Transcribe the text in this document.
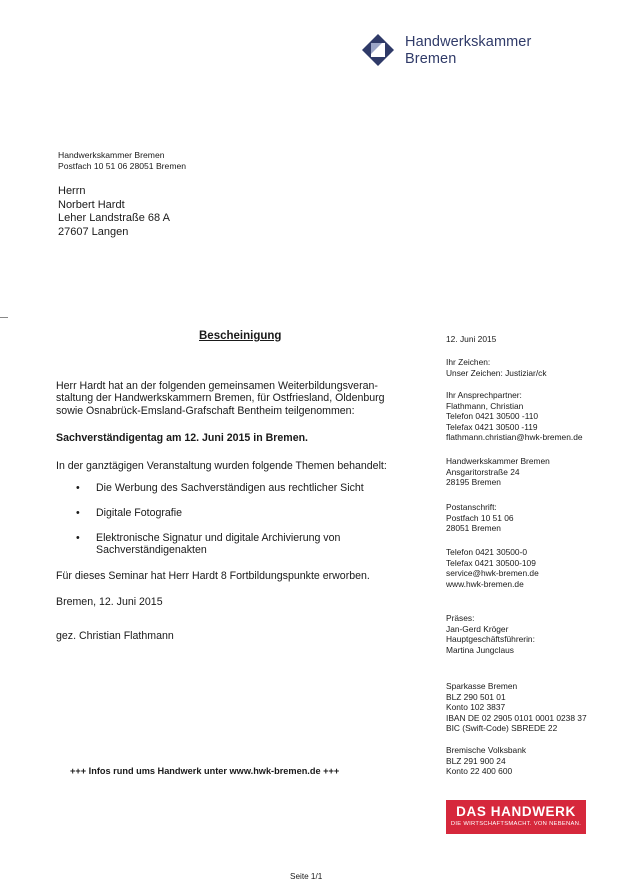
Handwerkskammer
Bremen
Handwerkskammer Bremen
Postfach 10 51 06 28051 Bremen
Herrn
Norbert Hardt
Leher Landstraße 68 A
27607 Langen
Bescheinigung
Herr Hardt hat an der folgenden gemeinsamen Weiterbildungsveran-
staltung der Handwerkskammern Bremen, für Ostfriesland, Oldenburg
sowie Osnabrück-Emsland-Grafschaft Bentheim teilgenommen:
Sachverständigentag am 12. Juni 2015 in Bremen.
In der ganztägigen Veranstaltung wurden folgende Themen behandelt:
• Die Werbung des Sachverständigen aus rechtlicher Sicht
• Digitale Fotografie
• Elektronische Signatur und digitale Archivierung von Sachverständigenakten
Für dieses Seminar hat Herr Hardt 8 Fortbildungspunkte erworben.
Bremen, 12. Juni 2015
gez. Christian Flathmann
12. Juni 2015
Ihr Zeichen:
Unser Zeichen: Justiziar/ck
Ihr Ansprechpartner:
Flathmann, Christian
Telefon 0421 30500 -110
Telefax 0421 30500 -119
flathmann.christian@hwk-bremen.de
Handwerkskammer Bremen
Ansgaritorstraße 24
28195 Bremen
Postanschrift:
Postfach 10 51 06
28051 Bremen
Telefon 0421 30500-0
Telefax 0421 30500-109
service@hwk-bremen.de
www.hwk-bremen.de
Präses:
Jan-Gerd Kröger
Hauptgeschäftsführerin:
Martina Jungclaus
Sparkasse Bremen
BLZ 290 501 01
Konto 102 3837
IBAN DE 02 2905 0101 0001 0238 37
BIC (Swift-Code) SBREDE 22
Bremische Volksbank
BLZ 291 900 24
Konto 22 400 600
+++ Infos rund ums Handwerk unter www.hwk-bremen.de +++
DAS HANDWERK
DIE WIRTSCHAFTSMACHT. VON NEBENAN.
Seite 1/1
